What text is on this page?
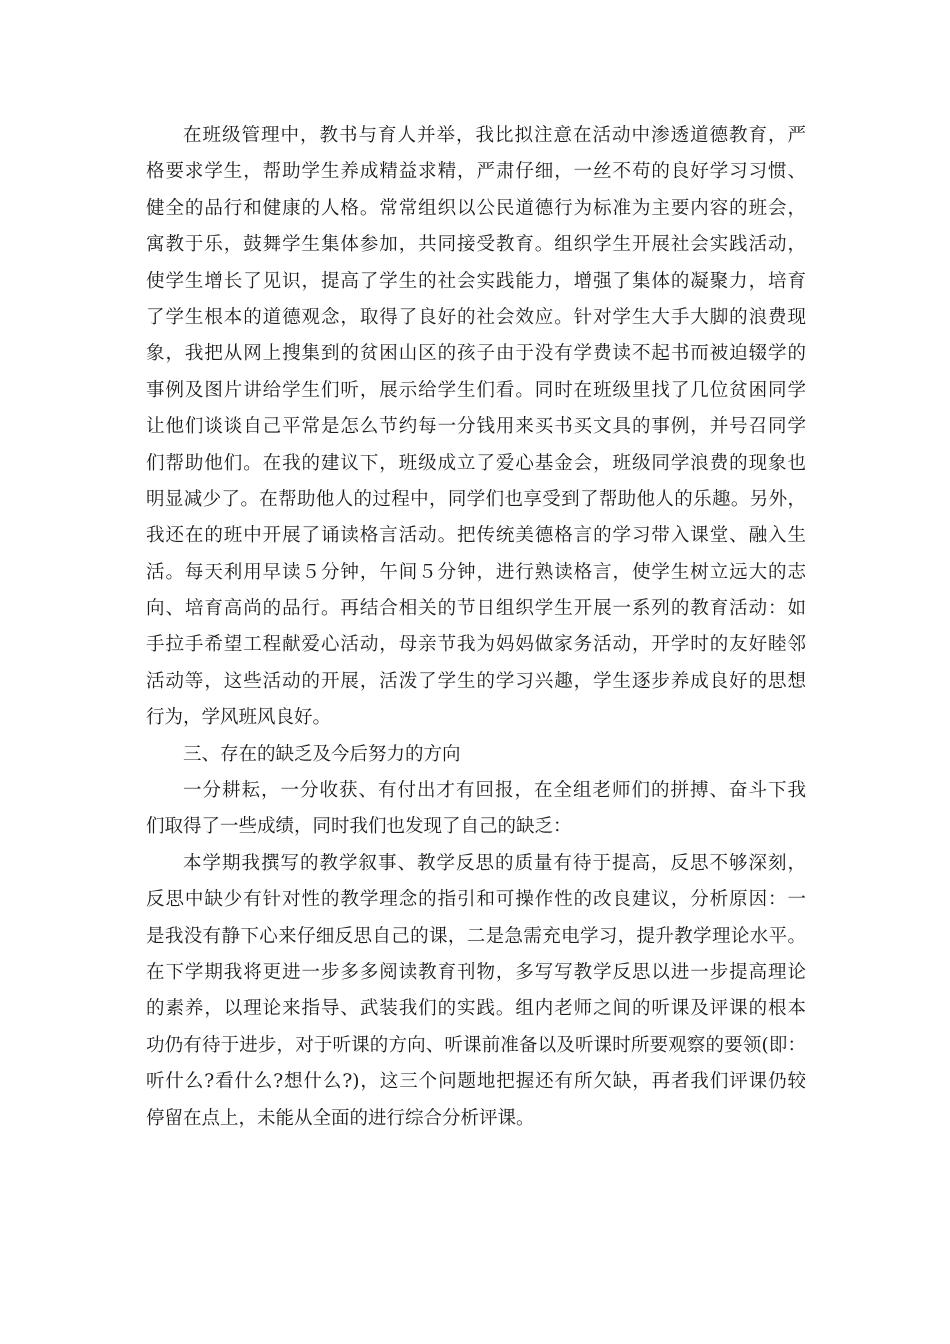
在班级管理中，教书与育人并举，我比拟注意在活动中渗透道德教育，严
格要求学生，帮助学生养成精益求精，严肃仔细，一丝不苟的良好学习习惯、
健全的品行和健康的人格。常常组织以公民道德行为标准为主要内容的班会，
寓教于乐，鼓舞学生集体参加，共同接受教育。组织学生开展社会实践活动，
使学生增长了见识，提高了学生的社会实践能力，增强了集体的凝聚力，培育
了学生根本的道德观念，取得了良好的社会效应。针对学生大手大脚的浪费现
象，我把从网上搜集到的贫困山区的孩子由于没有学费读不起书而被迫辍学的
事例及图片讲给学生们听，展示给学生们看。同时在班级里找了几位贫困同学
让他们谈谈自己平常是怎么节约每一分钱用来买书买文具的事例，并号召同学
们帮助他们。在我的建议下，班级成立了爱心基金会，班级同学浪费的现象也
明显减少了。在帮助他人的过程中，同学们也享受到了帮助他人的乐趣。另外，
我还在的班中开展了诵读格言活动。把传统美德格言的学习带入课堂、融入生
活。每天利用早读５分钟，午间５分钟，进行熟读格言，使学生树立远大的志
向、培育高尚的品行。再结合相关的节日组织学生开展一系列的教育活动：如
手拉手希望工程献爱心活动，母亲节我为妈妈做家务活动，开学时的友好睦邻
活动等，这些活动的开展，活泼了学生的学习兴趣，学生逐步养成良好的思想
行为，学风班风良好。
三、存在的缺乏及今后努力的方向
一分耕耘，一分收获、有付出才有回报，在全组老师们的拼搏、奋斗下我
们取得了一些成绩，同时我们也发现了自己的缺乏：
本学期我撰写的教学叙事、教学反思的质量有待于提高，反思不够深刻，
反思中缺少有针对性的教学理念的指引和可操作性的改良建议，分析原因：一
是我没有静下心来仔细反思自己的课，二是急需充电学习，提升教学理论水平。
在下学期我将更进一步多多阅读教育刊物，多写写教学反思以进一步提高理论
的素养，以理论来指导、武装我们的实践。组内老师之间的听课及评课的根本
功仍有待于进步，对于听课的方向、听课前准备以及听课时所要观察的要领(即：
听什么?看什么?想什么?)，这三个问题地把握还有所欠缺，再者我们评课仍较
停留在点上，未能从全面的进行综合分析评课。
